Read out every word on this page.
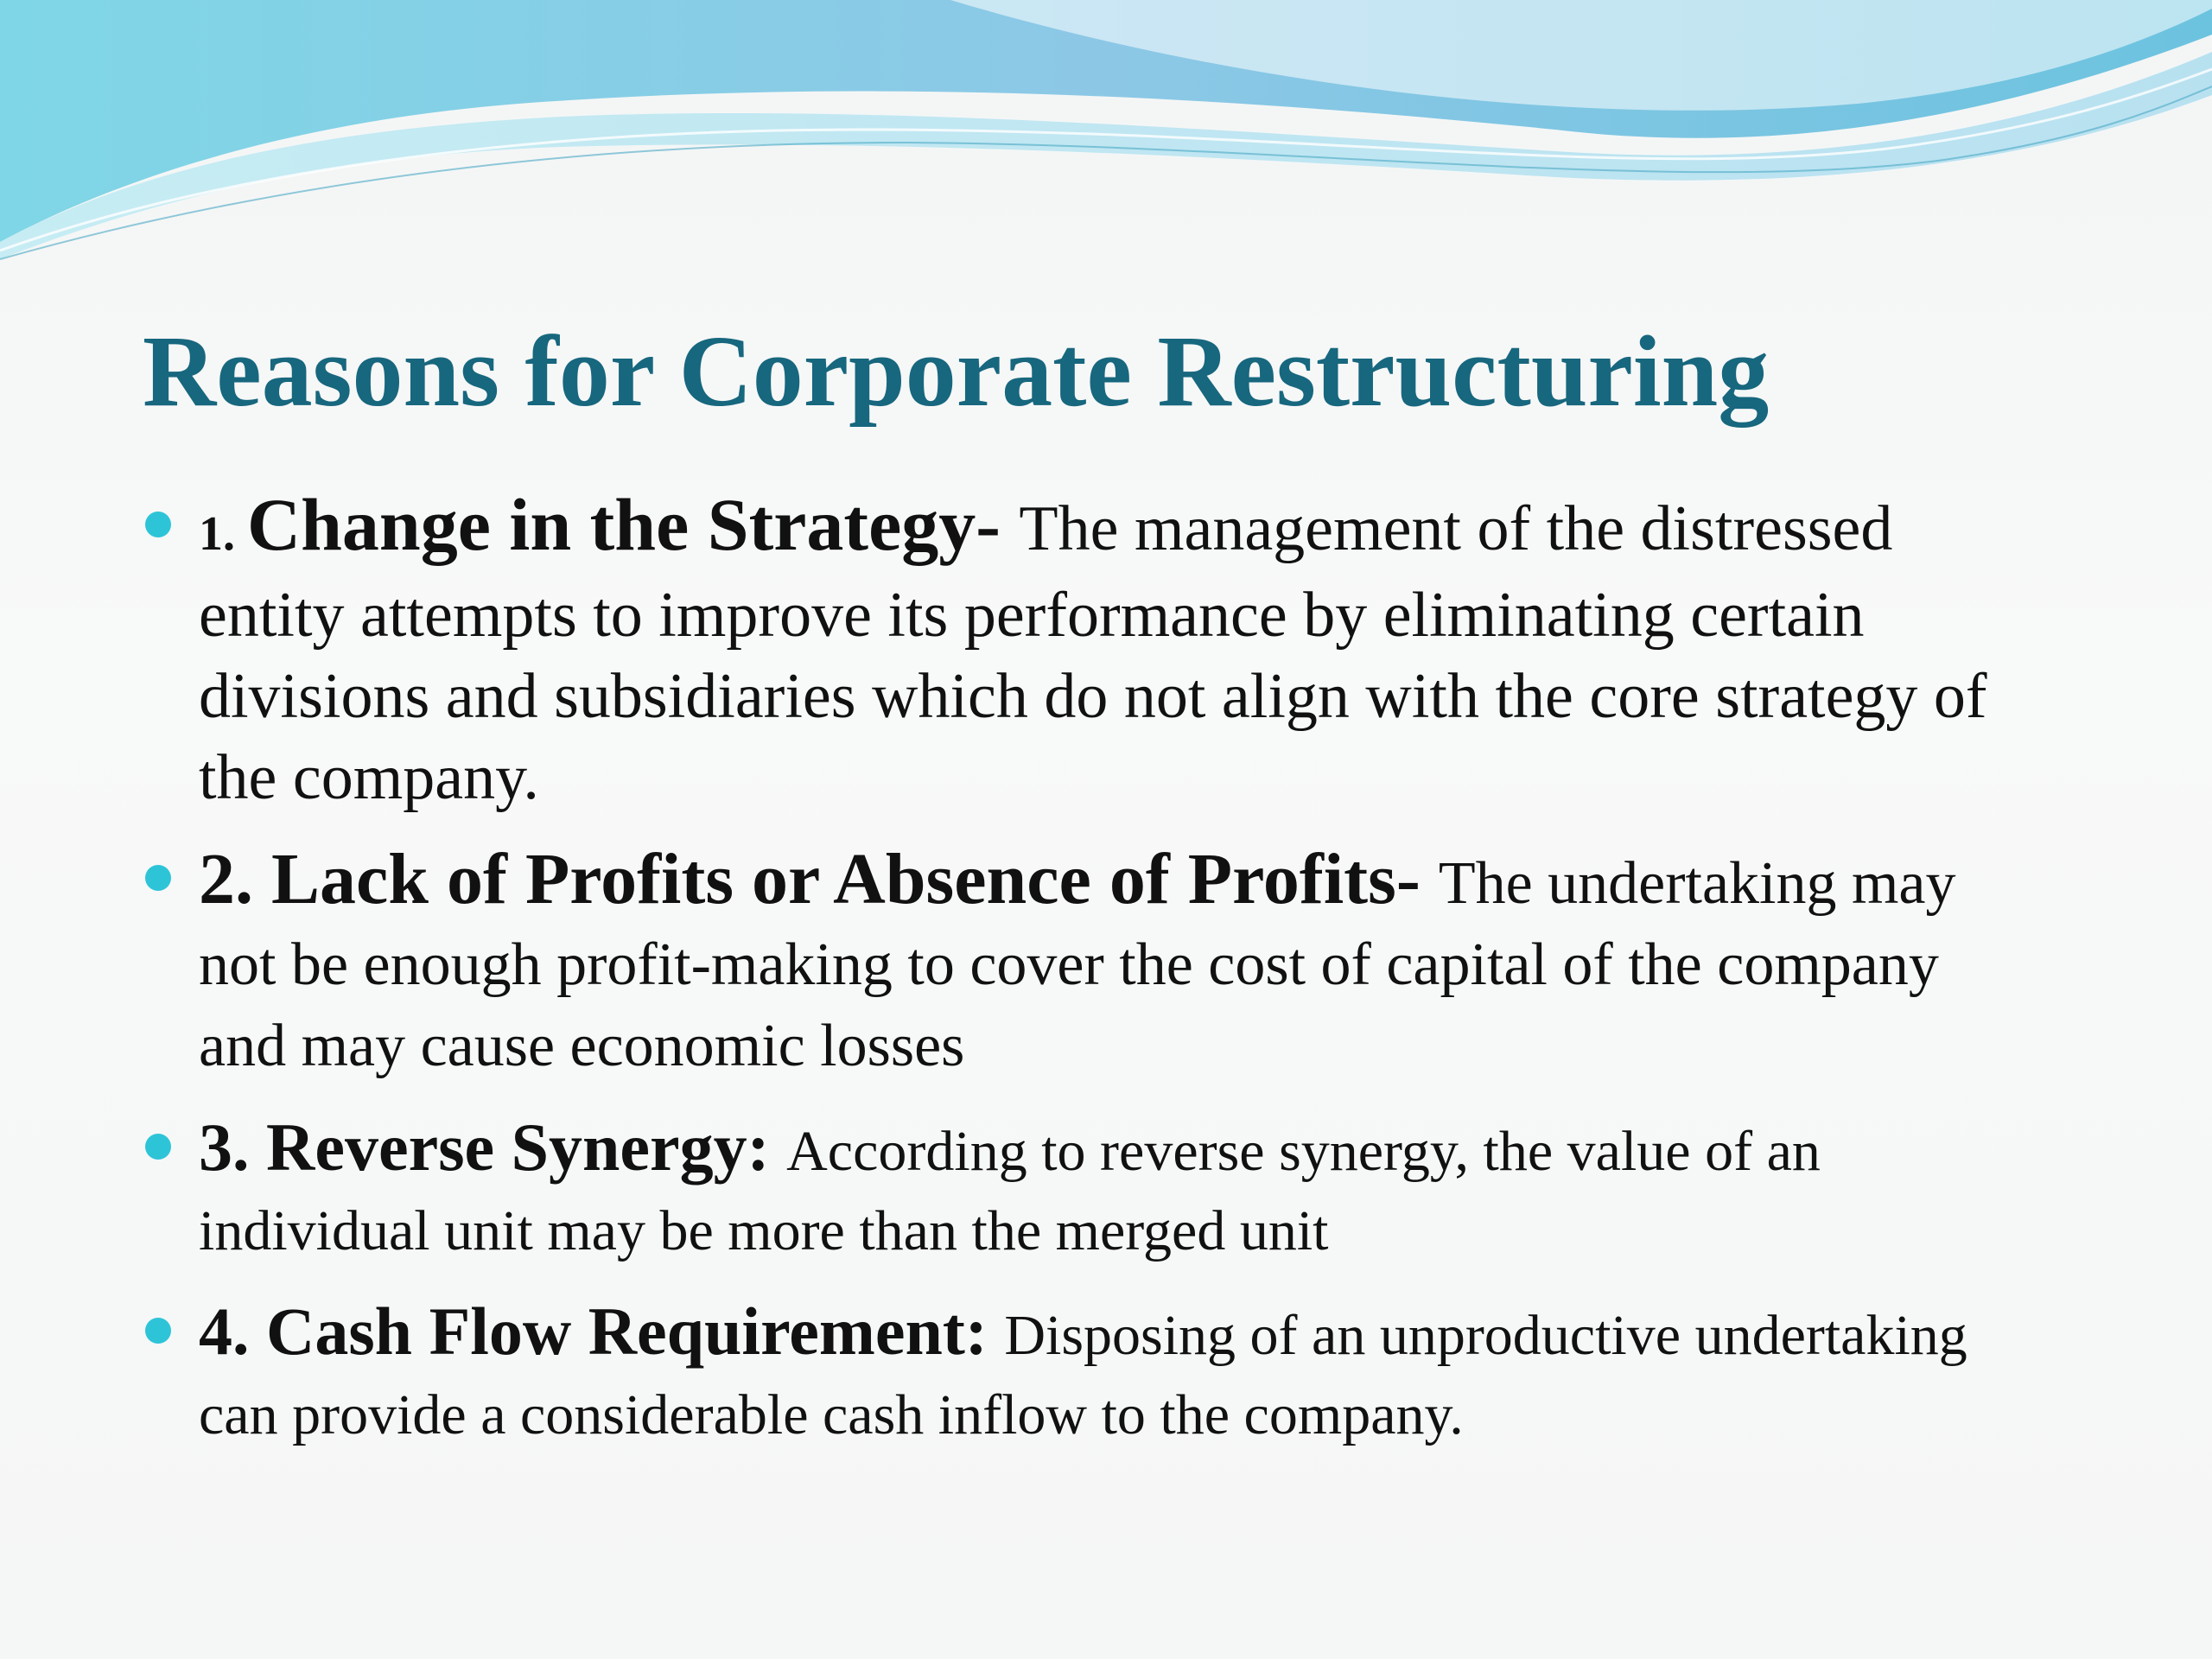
Reasons for Corporate Restructuring
1. Change in the Strategy- The management of the distressed entity attempts to improve its performance by eliminating certain divisions and subsidiaries which do not align with the core strategy of the company.
2. Lack of Profits or Absence of Profits- The undertaking may not be enough profit-making to cover the cost of capital of the company and may cause economic losses
3. Reverse Synergy: According to reverse synergy, the value of an individual unit may be more than the merged unit
4. Cash Flow Requirement: Disposing of an unproductive undertaking can provide a considerable cash inflow to the company.
